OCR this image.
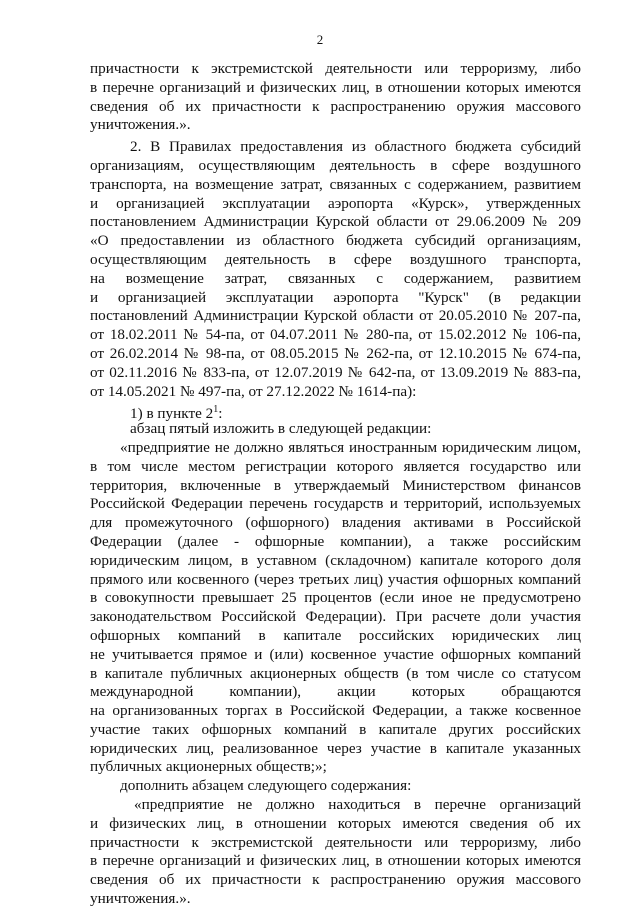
2
причастности к экстремистской деятельности или терроризму, либо
в перечне организаций и физических лиц, в отношении которых имеются
сведения об их причастности к распространению оружия массового
уничтожения.».
2. В Правилах предоставления из областного бюджета субсидий
организациям, осуществляющим деятельность в сфере воздушного
транспорта, на возмещение затрат, связанных с содержанием, развитием
и организацией эксплуатации аэропорта «Курск», утвержденных
постановлением Администрации Курской области от 29.06.2009 № 209
«О предоставлении из областного бюджета субсидий организациям,
осуществляющим деятельность в сфере воздушного транспорта,
на возмещение затрат, связанных с содержанием, развитием
и организацией эксплуатации аэропорта "Курск" (в редакции
постановлений Администрации Курской области от 20.05.2010 № 207-па,
от 18.02.2011 № 54-па, от 04.07.2011 № 280-па, от 15.02.2012 № 106-па,
от 26.02.2014 № 98-па, от 08.05.2015 № 262-па, от 12.10.2015 № 674-па,
от 02.11.2016 № 833-па, от 12.07.2019 № 642-па, от 13.09.2019 № 883-па,
от 14.05.2021 № 497-па, от 27.12.2022 № 1614-па):
1) в пункте $2^1$:
абзац пятый изложить в следующей редакции:
«предприятие не должно являться иностранным юридическим лицом,
в том числе местом регистрации которого является государство или
территория, включенные в утверждаемый Министерством финансов
Российской Федерации перечень государств и территорий, используемых
для промежуточного (офшорного) владения активами в Российской
Федерации (далее - офшорные компании), а также российским
юридическим лицом, в уставном (складочном) капитале которого доля
прямого или косвенного (через третьих лиц) участия офшорных компаний
в совокупности превышает 25 процентов (если иное не предусмотрено
законодательством Российской Федерации). При расчете доли участия
офшорных компаний в капитале российских юридических лиц
не учитывается прямое и (или) косвенное участие офшорных компаний
в капитале публичных акционерных обществ (в том числе со статусом
международной компании), акции которых обращаются
на организованных торгах в Российской Федерации, а также косвенное
участие таких офшорных компаний в капитале других российских
юридических лиц, реализованное через участие в капитале указанных
публичных акционерных обществ;»;
дополнить абзацем следующего содержания:
«предприятие не должно находиться в перечне организаций
и физических лиц, в отношении которых имеются сведения об их
причастности к экстремистской деятельности или терроризму, либо
в перечне организаций и физических лиц, в отношении которых имеются
сведения об их причастности к распространению оружия массового
уничтожения.».
